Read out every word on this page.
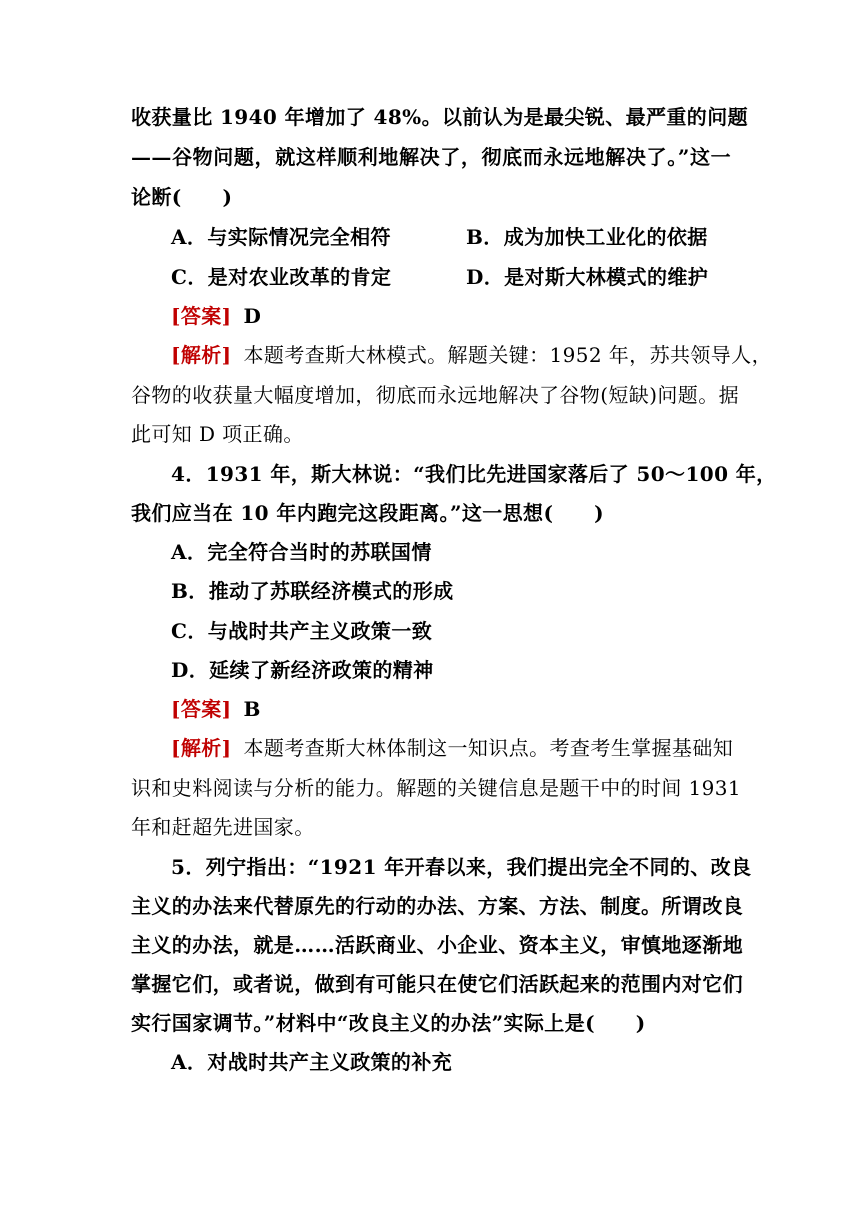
收获量比 1940 年增加了 48%。以前认为是最尖锐、最严重的问题
——谷物问题，就这样顺利地解决了，彻底而永远地解决了。”这一
论断(　　)
A．与实际情况完全相符	B．成为加快工业化的依据
C．是对农业改革的肯定	D．是对斯大林模式的维护
[答案] D
[解析] 本题考查斯大林模式。解题关键：1952 年，苏共领导人，
谷物的收获量大幅度增加，彻底而永远地解决了谷物(短缺)问题。据
此可知 D 项正确。
4．1931 年，斯大林说：“我们比先进国家落后了 50～100 年，
我们应当在 10 年内跑完这段距离。”这一思想(　　)
A．完全符合当时的苏联国情
B．推动了苏联经济模式的形成
C．与战时共产主义政策一致
D．延续了新经济政策的精神
[答案] B
[解析] 本题考查斯大林体制这一知识点。考查考生掌握基础知
识和史料阅读与分析的能力。解题的关键信息是题干中的时间 1931
年和赶超先进国家。
5．列宁指出：“1921 年开春以来，我们提出完全不同的、改良
主义的办法来代替原先的行动的办法、方案、方法、制度。所谓改良
主义的办法，就是……活跃商业、小企业、资本主义，审慎地逐渐地
掌握它们，或者说，做到有可能只在使它们活跃起来的范围内对它们
实行国家调节。”材料中“改良主义的办法”实际上是(　　)
A．对战时共产主义政策的补充
